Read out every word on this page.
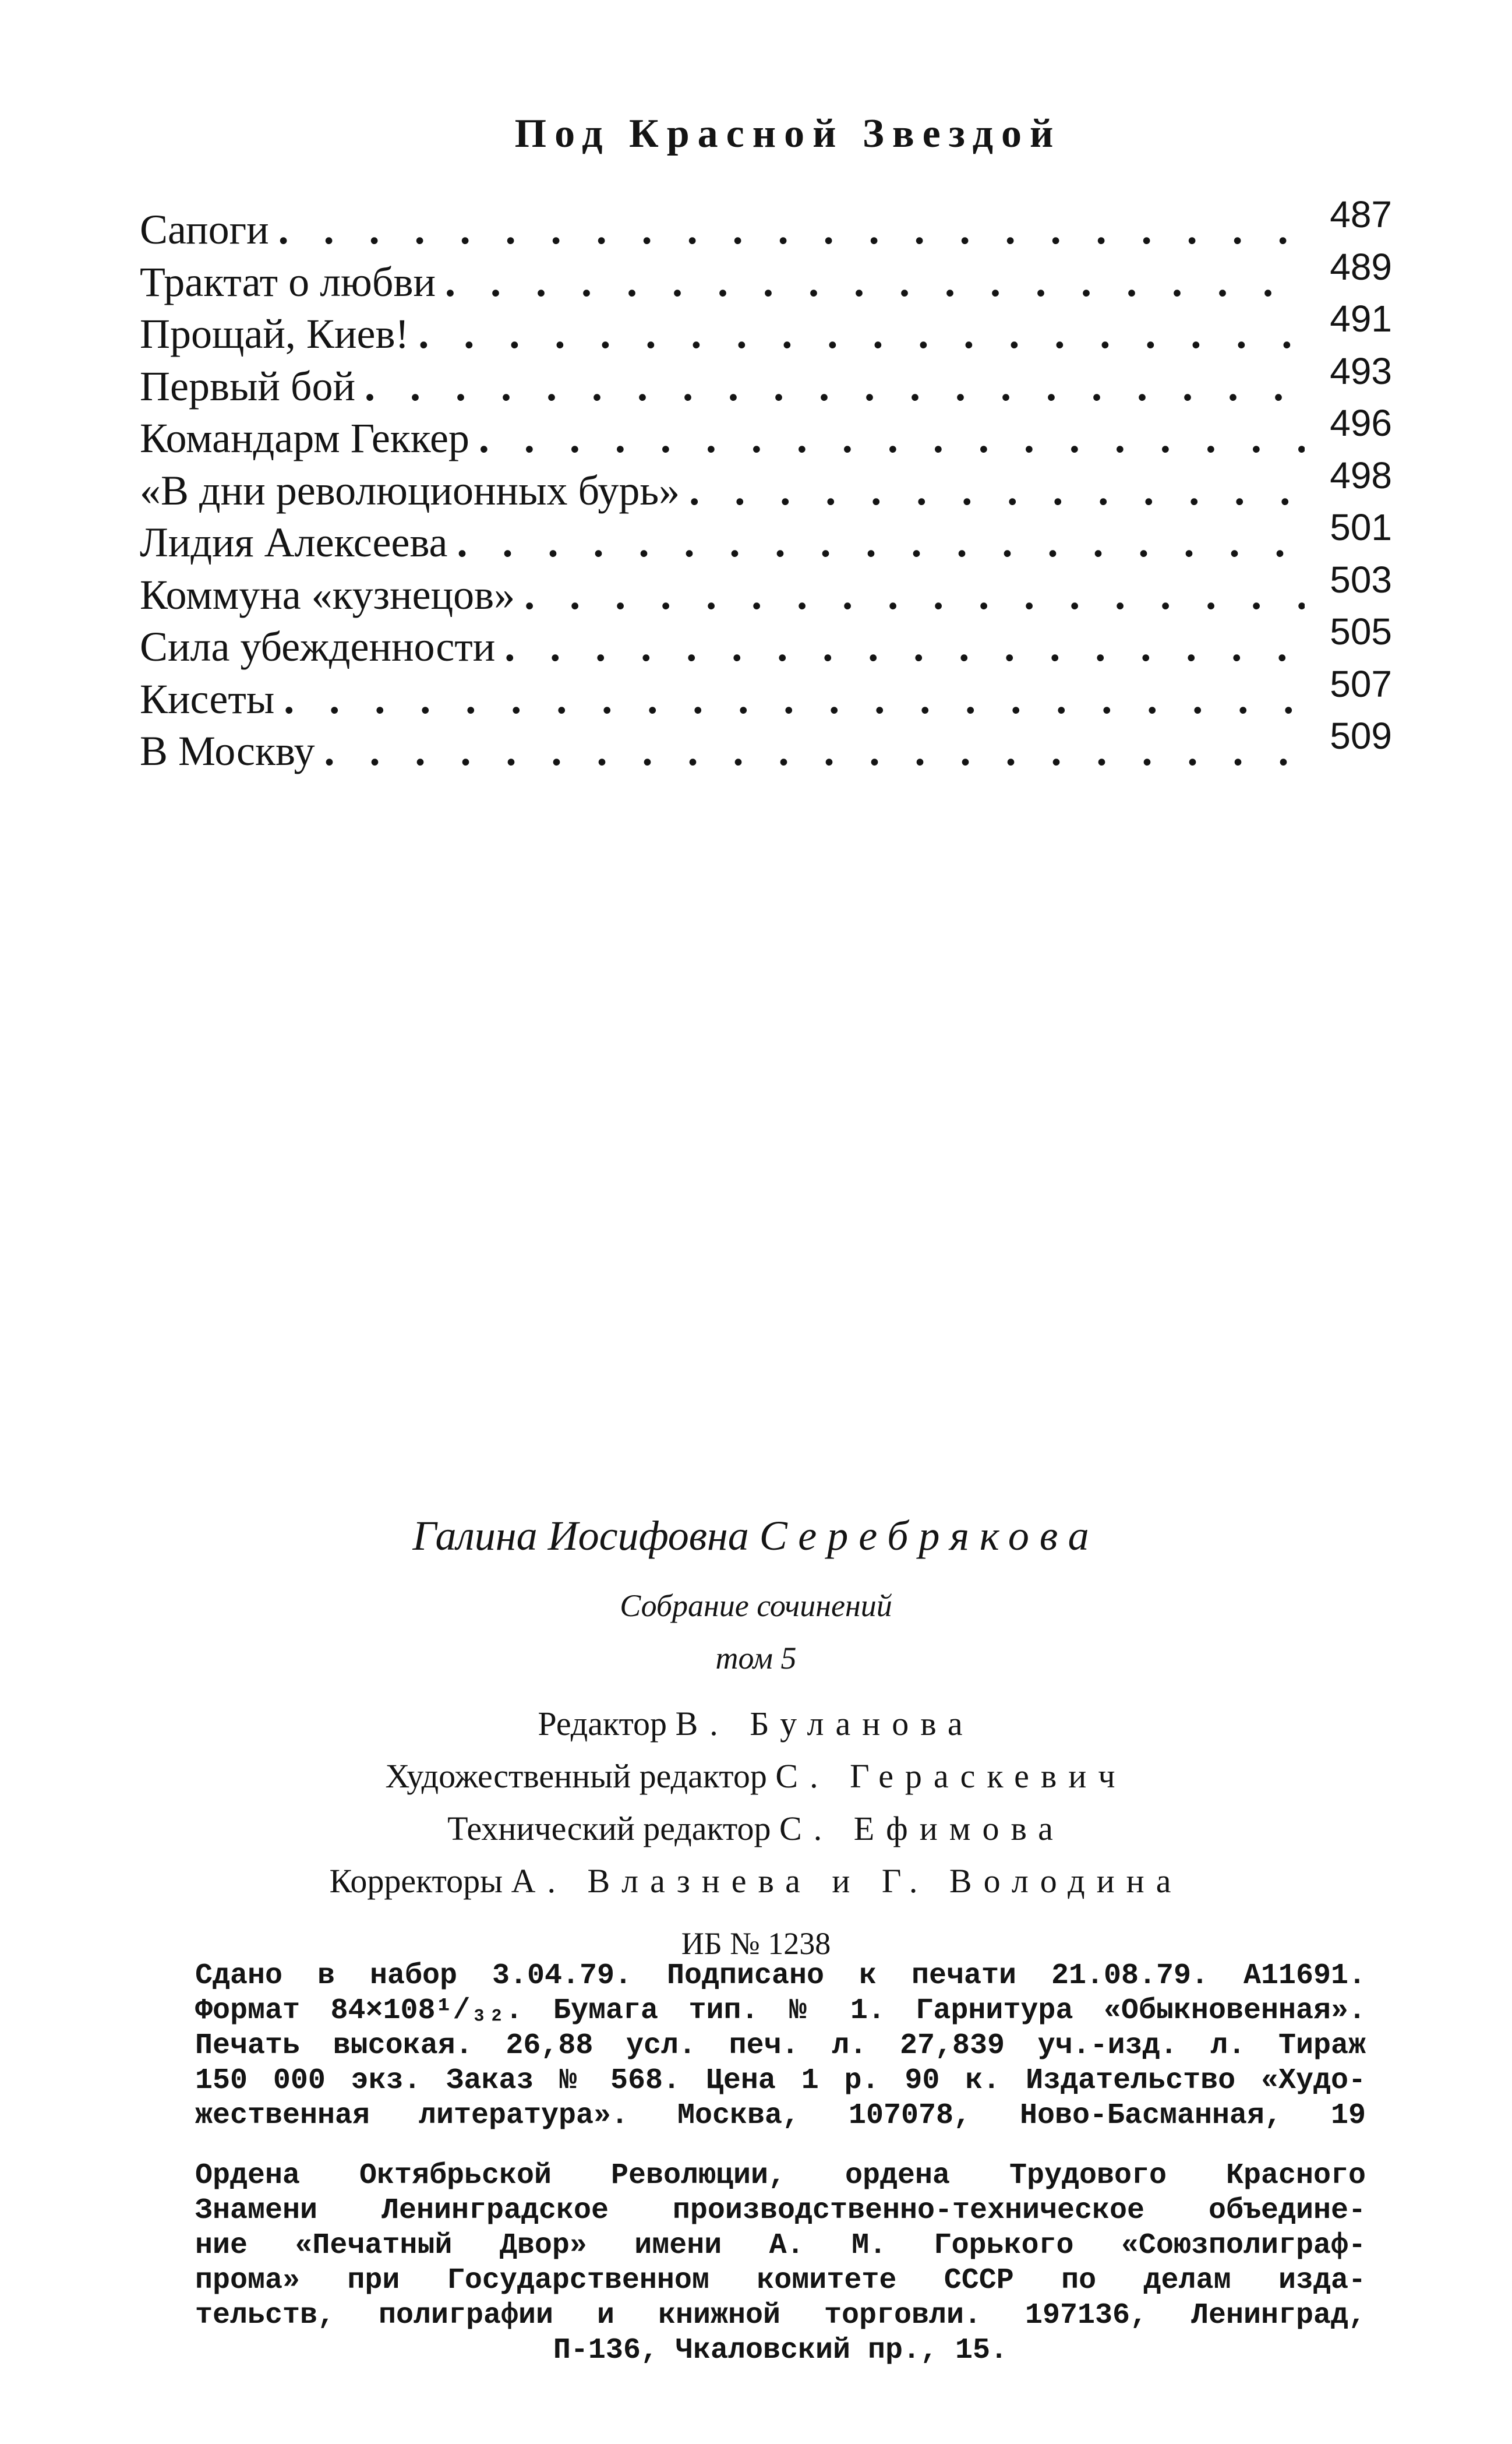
Под Красной Звездой
Сапоги . . .	487
Трактат о любви . . .	489
Прощай, Киев! . . .	491
Первый бой . . .	493
Командарм Геккер . . .	496
«В дни революционных бурь» . . .	498
Лидия Алексеева . . .	501
Коммуна «кузнецов» . . .	503
Сила убежденности . . .	505
Кисеты . . .	507
В Москву . . .	509
Галина Иосифовна Серебрякова
Собрание сочинений
том 5
Редактор В. Буланова
Художественный редактор С. Гераскевич
Технический редактор С. Ефимова
Корректоры А. Влазнева и Г. Володина
ИБ № 1238
Сдано в набор 3.04.79. Подписано к печати 21.08.79. А11691.
Формат 84×108¹/₃₂. Бумага тип. № 1. Гарнитура «Обыкновенная».
Печать высокая. 26,88 усл. печ. л. 27,839 уч.-изд. л. Тираж
150 000 экз. Заказ № 568. Цена 1 р. 90 к. Издательство «Худо-
жественная литература». Москва, 107078, Ново-Басманная, 19
Ордена Октябрьской Революции, ордена Трудового Красного
Знамени Ленинградское производственно-техническое объедине-
ние «Печатный Двор» имени А. М. Горького «Союзполиграф-
прома» при Государственном комитете СССР по делам изда-
тельств, полиграфии и книжной торговли. 197136, Ленинград,
П-136, Чкаловский пр., 15.
